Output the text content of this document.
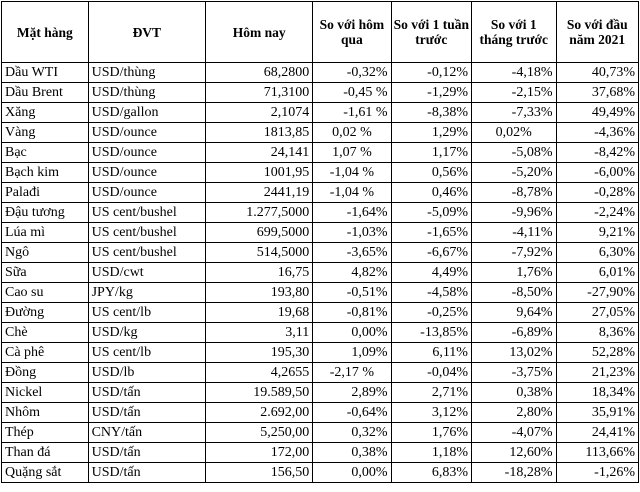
Mặt hàng	ĐVT	Hôm nay	So với hôm qua	So với 1 tuần trước	So với 1 tháng trước	So với đầu năm 2021
Dầu WTI	USD/thùng	68,2800	-0,32%	-0,12%	-4,18%	40,73%
Dầu Brent	USD/thùng	71,3100	-0,45 %	-1,29%	-2,15%	37,68%
Xăng	USD/gallon	2,1074	-1,61 %	-8,38%	-7,33%	49,49%
Vàng	USD/ounce	1813,85	0,02 %	1,29%	0,02%	-4,36%
Bạc	USD/ounce	24,141	1,07 %	1,17%	-5,08%	-8,42%
Bạch kim	USD/ounce	1001,95	-1,04 %	0,56%	-5,20%	-6,00%
Palađi	USD/ounce	2441,19	-1,04 %	0,46%	-8,78%	-0,28%
Đậu tương	US cent/bushel	1.277,5000	-1,64%	-5,09%	-9,96%	-2,24%
Lúa mì	US cent/bushel	699,5000	-1,03%	-1,65%	-4,11%	9,21%
Ngô	US cent/bushel	514,5000	-3,65%	-6,67%	-7,92%	6,30%
Sữa	USD/cwt	16,75	4,82%	4,49%	1,76%	6,01%
Cao su	JPY/kg	193,80	-0,51%	-4,58%	-8,50%	-27,90%
Đường	US cent/lb	19,68	-0,81%	-0,25%	9,64%	27,05%
Chè	USD/kg	3,11	0,00%	-13,85%	-6,89%	8,36%
Cà phê	US cent/lb	195,30	1,09%	6,11%	13,02%	52,28%
Đồng	USD/lb	4,2655	-2,17 %	-0,04%	-3,75%	21,23%
Nickel	USD/tấn	19.589,50	2,89%	2,71%	0,38%	18,34%
Nhôm	USD/tấn	2.692,00	-0,64%	3,12%	2,80%	35,91%
Thép	CNY/tấn	5,250,00	0,32%	1,76%	-4,07%	24,41%
Than đá	USD/tấn	172,00	0,38%	1,18%	12,60%	113,66%
Quặng sắt	USD/tấn	156,50	0,00%	6,83%	-18,28%	-1,26%
